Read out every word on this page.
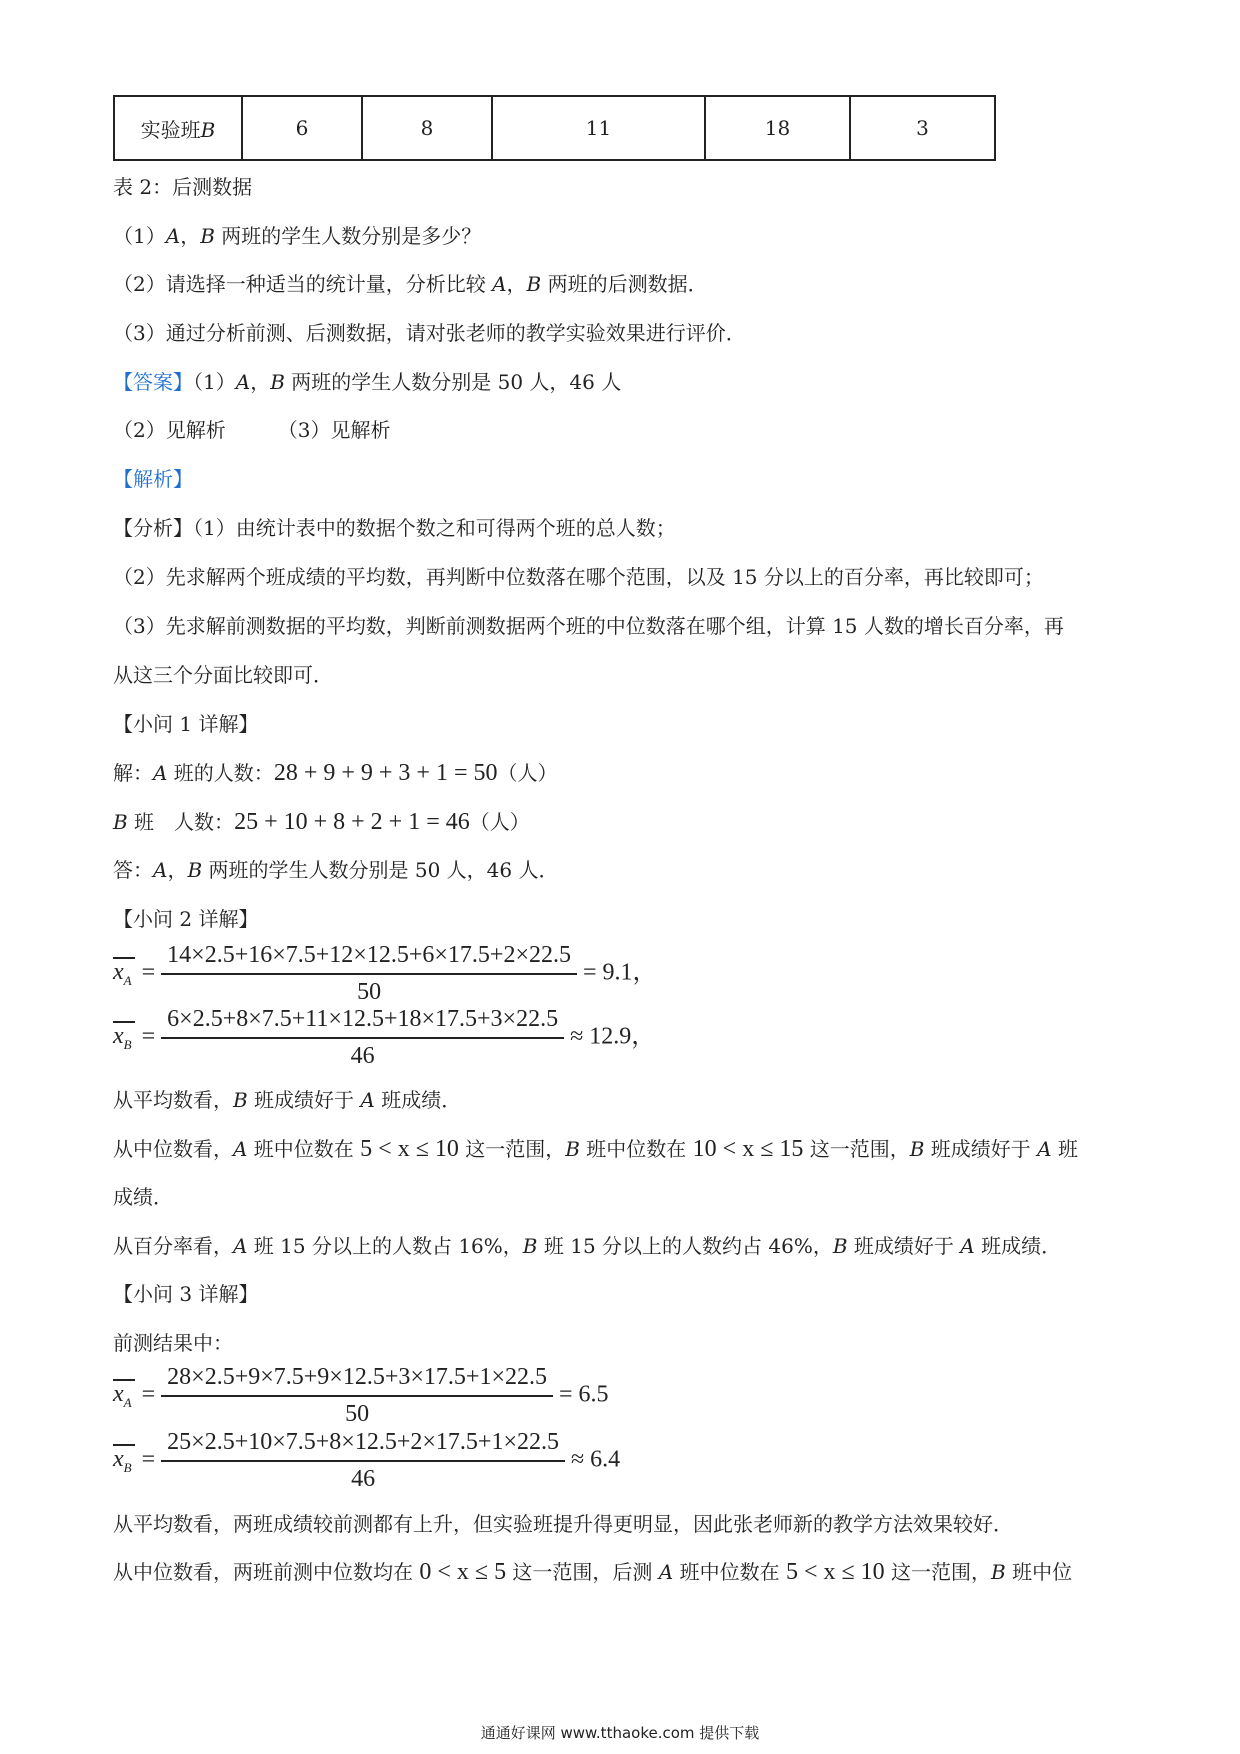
实验班B	6	8	11	18	3
表 2：后测数据
（1）A，B 两班的学生人数分别是多少？
（2）请选择一种适当的统计量，分析比较 A，B 两班的后测数据．
（3）通过分析前测、后测数据，请对张老师的教学实验效果进行评价．
【答案】（1）A，B 两班的学生人数分别是 50 人，46 人
（2）见解析	（3）见解析
【解析】
【分析】（1）由统计表中的数据个数之和可得两个班的总人数；
（2）先求解两个班成绩的平均数，再判断中位数落在哪个范围，以及 15 分以上的百分率，再比较即可；
（3）先求解前测数据的平均数，判断前测数据两个班的中位数落在哪个组，计算 15 人数的增长百分率，再
从这三个分面比较即可．
【小问 1 详解】
解：A 班的人数：28 + 9 + 9 + 3 + 1 = 50（人）
B 班　人数：25 + 10 + 8 + 2 + 1 = 46（人）
答：A，B 两班的学生人数分别是 50 人，46 人．
【小问 2 详解】
$x_A = \frac{14\times 2.5+16\times 7.5+12\times 12.5+6\times 17.5+2\times 22.5}{50} = 9.1$，
$x_B = \frac{6\times 2.5+8\times 7.5+11\times 12.5+18\times 17.5+3\times 22.5}{46} \approx 12.9$，
从平均数看，B 班成绩好于 A 班成绩．
从中位数看，A 班中位数在 5 < x ≤ 10 这一范围，B 班中位数在 10 < x ≤ 15 这一范围，B 班成绩好于 A 班
成绩．
从百分率看，A 班 15 分以上的人数占 16%，B 班 15 分以上的人数约占 46%，B 班成绩好于 A 班成绩．
【小问 3 详解】
前测结果中：
$x_A = \frac{28\times 2.5+9\times 7.5+9\times 12.5+3\times 17.5+1\times 22.5}{50} = 6.5$
$x_B = \frac{25\times 2.5+10\times 7.5+8\times 12.5+2\times 17.5+1\times 22.5}{46} \approx 6.4$
从平均数看，两班成绩较前测都有上升，但实验班提升得更明显，因此张老师新的教学方法效果较好．
从中位数看，两班前测中位数均在 0 < x ≤ 5 这一范围，后测 A 班中位数在 5 < x ≤ 10 这一范围，B 班中位
通通好课网 www.tthaoke.com 提供下载
